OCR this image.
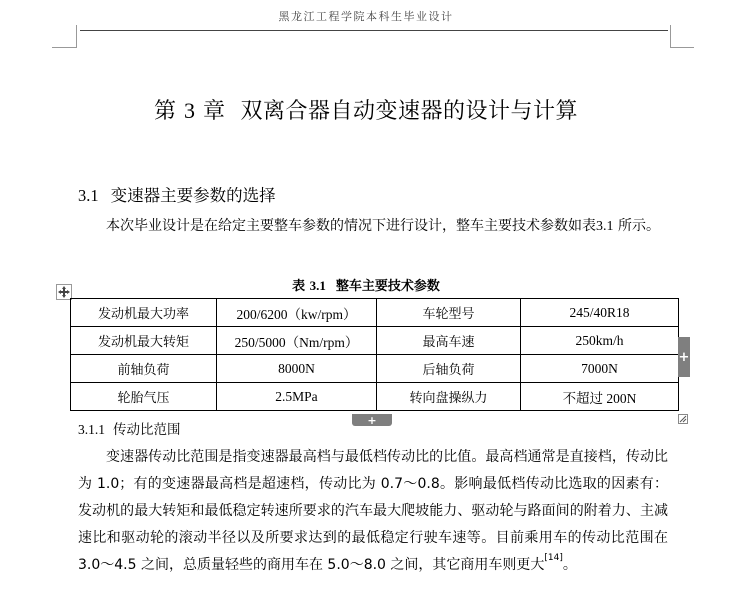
黑龙江工程学院本科生毕业设计
第 3 章 双离合器自动变速器的设计与计算
3.1 变速器主要参数的选择
本次毕业设计是在给定主要整车参数的情况下进行设计，整车主要技术参数如表3.1 所示。
表 3.1 整车主要技术参数
发动机最大功率	200/6200（kw/rpm）	车轮型号	245/40R18
发动机最大转矩	250/5000（Nm/rpm）	最高车速	250km/h
前轴负荷	8000N	后轴负荷	7000N
轮胎气压	2.5MPa	转向盘操纵力	不超过 200N
+
+
3.1.1 传动比范围
变速器传动比范围是指变速器最高档与最低档传动比的比值。最高档通常是直接档，传动比为 1.0；有的变速器最高档是超速档，传动比为 0.7～0.8。影响最低档传动比选取的因素有：发动机的最大转矩和最低稳定转速所要求的汽车最大爬坡能力、驱动轮与路面间的附着力、主减速比和驱动轮的滚动半径以及所要求达到的最低稳定行驶车速等。目前乘用车的传动比范围在 3.0～4.5 之间，总质量轻些的商用车在 5.0～8.0 之间，其它商用车则更大[14]。
